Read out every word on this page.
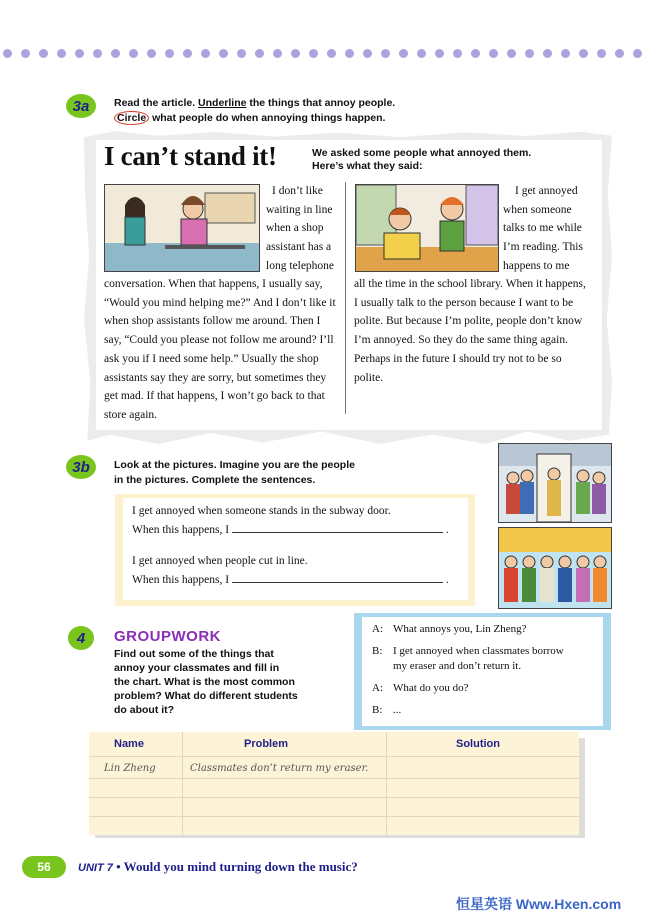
3a	Read the article. Underline the things that annoy people.
Circle what people do when annoying things happen.
I can’t stand it!	We asked some people what annoyed them.
Here’s what they said:
I don’t like
waiting in line
when a shop
assistant has a
long telephone
conversation. When that happens, I usually say, “Would you mind helping me?” And I don’t like it when shop assistants follow me around. Then I say, “Could you please not follow me around? I’ll ask you if I need some help.” Usually the shop assistants say they are sorry, but sometimes they get mad. If that happens, I won’t go back to that store again.
I get annoyed
when someone
talks to me while
I’m reading. This
happens to me
all the time in the school library. When it happens, I usually talk to the person because I want to be polite. But because I’m polite, people don’t know I’m annoyed. So they do the same thing again. Perhaps in the future I should try not to be so polite.
3b	Look at the pictures. Imagine you are the people
in the pictures. Complete the sentences.
I get annoyed when someone stands in the subway door.
When this happens, I	.
I get annoyed when people cut in line.
When this happens, I	.
4	GROUPWORK
Find out some of the things that
annoy your classmates and fill in
the chart. What is the most common
problem? What do different students
do about it?
A: What annoys you, Lin Zheng?
B: I get annoyed when classmates borrow
my eraser and don’t return it.
A: What do you do?
B: ...
Name	Problem	Solution
Lin Zheng	Classmates don’t return my eraser.
56	UNIT 7 • Would you mind turning down the music?
恒星英语 Www.Hxen.com
